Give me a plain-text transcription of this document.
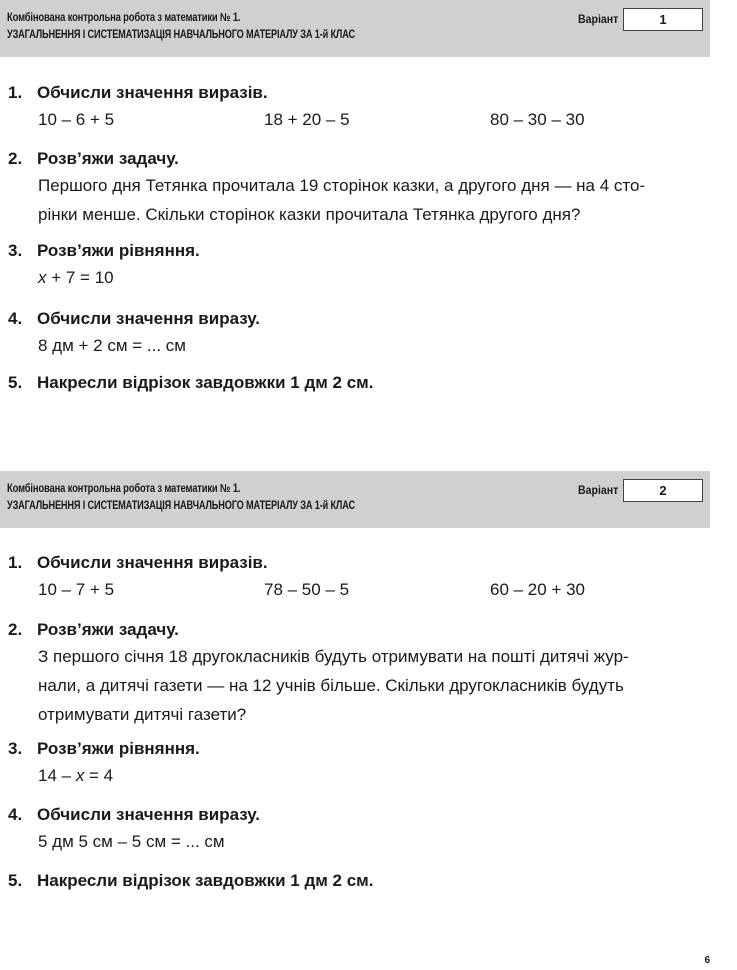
Комбінована контрольна робота з математики № 1.
УЗАГАЛЬНЕННЯ І СИСТЕМАТИЗАЦІЯ НАВЧАЛЬНОГО МАТЕРІАЛУ ЗА 1-й КЛАС
Варіант	1
1. Обчисли значення виразів.
10 – 6 + 5	18 + 20 – 5	80 – 30 – 30
2. Розв’яжи задачу.
Першого дня Тетянка прочитала 19 сторінок казки, а другого дня — на 4 сто-
рінки менше. Скільки сторінок казки прочитала Тетянка другого дня?
3. Розв’яжи рівняння.
x + 7 = 10
4. Обчисли значення виразу.
8 дм + 2 см = ... см
5. Накресли відрізок завдовжки 1 дм 2 см.
Комбінована контрольна робота з математики № 1.
УЗАГАЛЬНЕННЯ І СИСТЕМАТИЗАЦІЯ НАВЧАЛЬНОГО МАТЕРІАЛУ ЗА 1-й КЛАС
Варіант	2
1. Обчисли значення виразів.
10 – 7 + 5	78 – 50 – 5	60 – 20 + 30
2. Розв’яжи задачу.
З першого січня 18 другокласників будуть отримувати на пошті дитячі жур-
нали, а дитячі газети — на 12 учнів більше. Скільки другокласників будуть
отримувати дитячі газети?
3. Розв’яжи рівняння.
14 – x = 4
4. Обчисли значення виразу.
5 дм 5 см – 5 см = ... см
5. Накресли відрізок завдовжки 1 дм 2 см.
6
